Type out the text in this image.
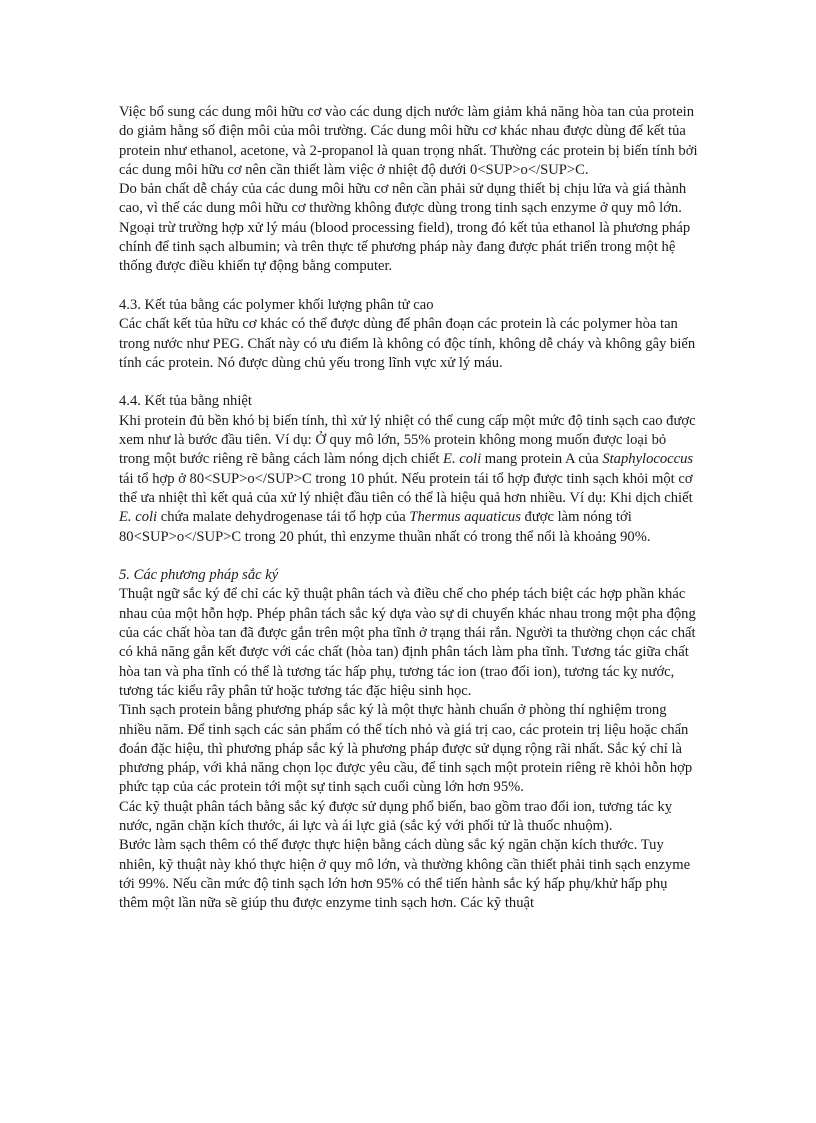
Việc bổ sung các dung môi hữu cơ vào các dung dịch nước làm giảm khả năng hòa tan của protein do giảm hằng số điện môi của môi trường. Các dung môi hữu cơ khác nhau được dùng để kết tủa protein như ethanol, acetone, và 2-propanol là quan trọng nhất. Thường các protein bị biến tính bởi các dung môi hữu cơ nên cần thiết làm việc ở nhiệt độ dưới 0<SUP>o</SUP>C.

Do bản chất dễ cháy của các dung môi hữu cơ nên cần phải sử dụng thiết bị chịu lửa và giá thành cao, vì thế các dung môi hữu cơ thường không được dùng trong tinh sạch enzyme ở quy mô lớn. Ngoại trừ trường hợp xử lý máu (blood processing field), trong đó kết tủa ethanol là phương pháp chính để tinh sạch albumin; và trên thực tế phương pháp này đang được phát triển trong một hệ thống được điều khiển tự động bằng computer.

4.3. Kết tủa bằng các polymer khối lượng phân tử cao

Các chất kết tủa hữu cơ khác có thể được dùng để phân đoạn các protein là các polymer hòa tan trong nước như PEG. Chất này có ưu điểm là không có độc tính, không dễ cháy và không gây biến tính các protein. Nó được dùng chủ yếu trong lĩnh vực xử lý máu.

4.4. Kết tủa bằng nhiệt

Khi protein đủ bền khó bị biến tính, thì xử lý nhiệt có thể cung cấp một mức độ tinh sạch cao được xem như là bước đầu tiên. Ví dụ: Ở quy mô lớn, 55% protein không mong muốn được loại bỏ trong một bước riêng rẽ bằng cách làm nóng dịch chiết E. coli mang protein A của Staphylococcus tái tổ hợp ở 80<SUP>o</SUP>C trong 10 phút. Nếu protein tái tổ hợp được tinh sạch khỏi một cơ thể ưa nhiệt thì kết quả của xử lý nhiệt đầu tiên có thể là hiệu quả hơn nhiều. Ví dụ: Khi dịch chiết E. coli chứa malate dehydrogenase tái tổ hợp của Thermus aquaticus được làm nóng tới 80<SUP>o</SUP>C trong 20 phút, thì enzyme thuần nhất có trong thể nổi là khoảng 90%.

5. Các phương pháp sắc ký

Thuật ngữ sắc ký để chỉ các kỹ thuật phân tách và điều chế cho phép tách biệt các hợp phần khác nhau của một hỗn hợp. Phép phân tách sắc ký dựa vào sự di chuyển khác nhau trong một pha động của các chất hòa tan đã được gắn trên một pha tĩnh ở trạng thái rắn. Người ta thường chọn các chất có khả năng gắn kết được với các chất (hòa tan) định phân tách làm pha tĩnh. Tương tác giữa chất hòa tan và pha tĩnh có thể là tương tác hấp phụ, tương tác ion (trao đổi ion), tương tác kỵ nước, tương tác kiểu rây phân tử hoặc tương tác đặc hiệu sinh học.

Tinh sạch protein bằng phương pháp sắc ký là một thực hành chuẩn ở phòng thí nghiệm trong nhiều năm. Để tinh sạch các sản phẩm có thể tích nhỏ và giá trị cao, các protein trị liệu hoặc chẩn đoán đặc hiệu, thì phương pháp sắc ký là phương pháp được sử dụng rộng rãi nhất. Sắc ký chỉ là phương pháp, với khả năng chọn lọc được yêu cầu, để tinh sạch một protein riêng rẽ khỏi hỗn hợp phức tạp của các protein tới một sự tinh sạch cuối cùng lớn hơn 95%.

Các kỹ thuật phân tách bằng sắc ký được sử dụng phổ biến, bao gồm trao đổi ion, tương tác kỵ nước, ngăn chặn kích thước, ái lực và ái lực giả (sắc ký với phối tử là thuốc nhuộm).

Bước làm sạch thêm có thể được thực hiện bằng cách dùng sắc ký ngăn chặn kích thước. Tuy nhiên, kỹ thuật này khó thực hiện ở quy mô lớn, và thường không cần thiết phải tinh sạch enzyme tới 99%. Nếu cần mức độ tinh sạch lớn hơn 95% có thể tiến hành sắc ký hấp phụ/khử hấp phụ thêm một lần nữa sẽ giúp thu được enzyme tinh sạch hơn. Các kỹ thuật
